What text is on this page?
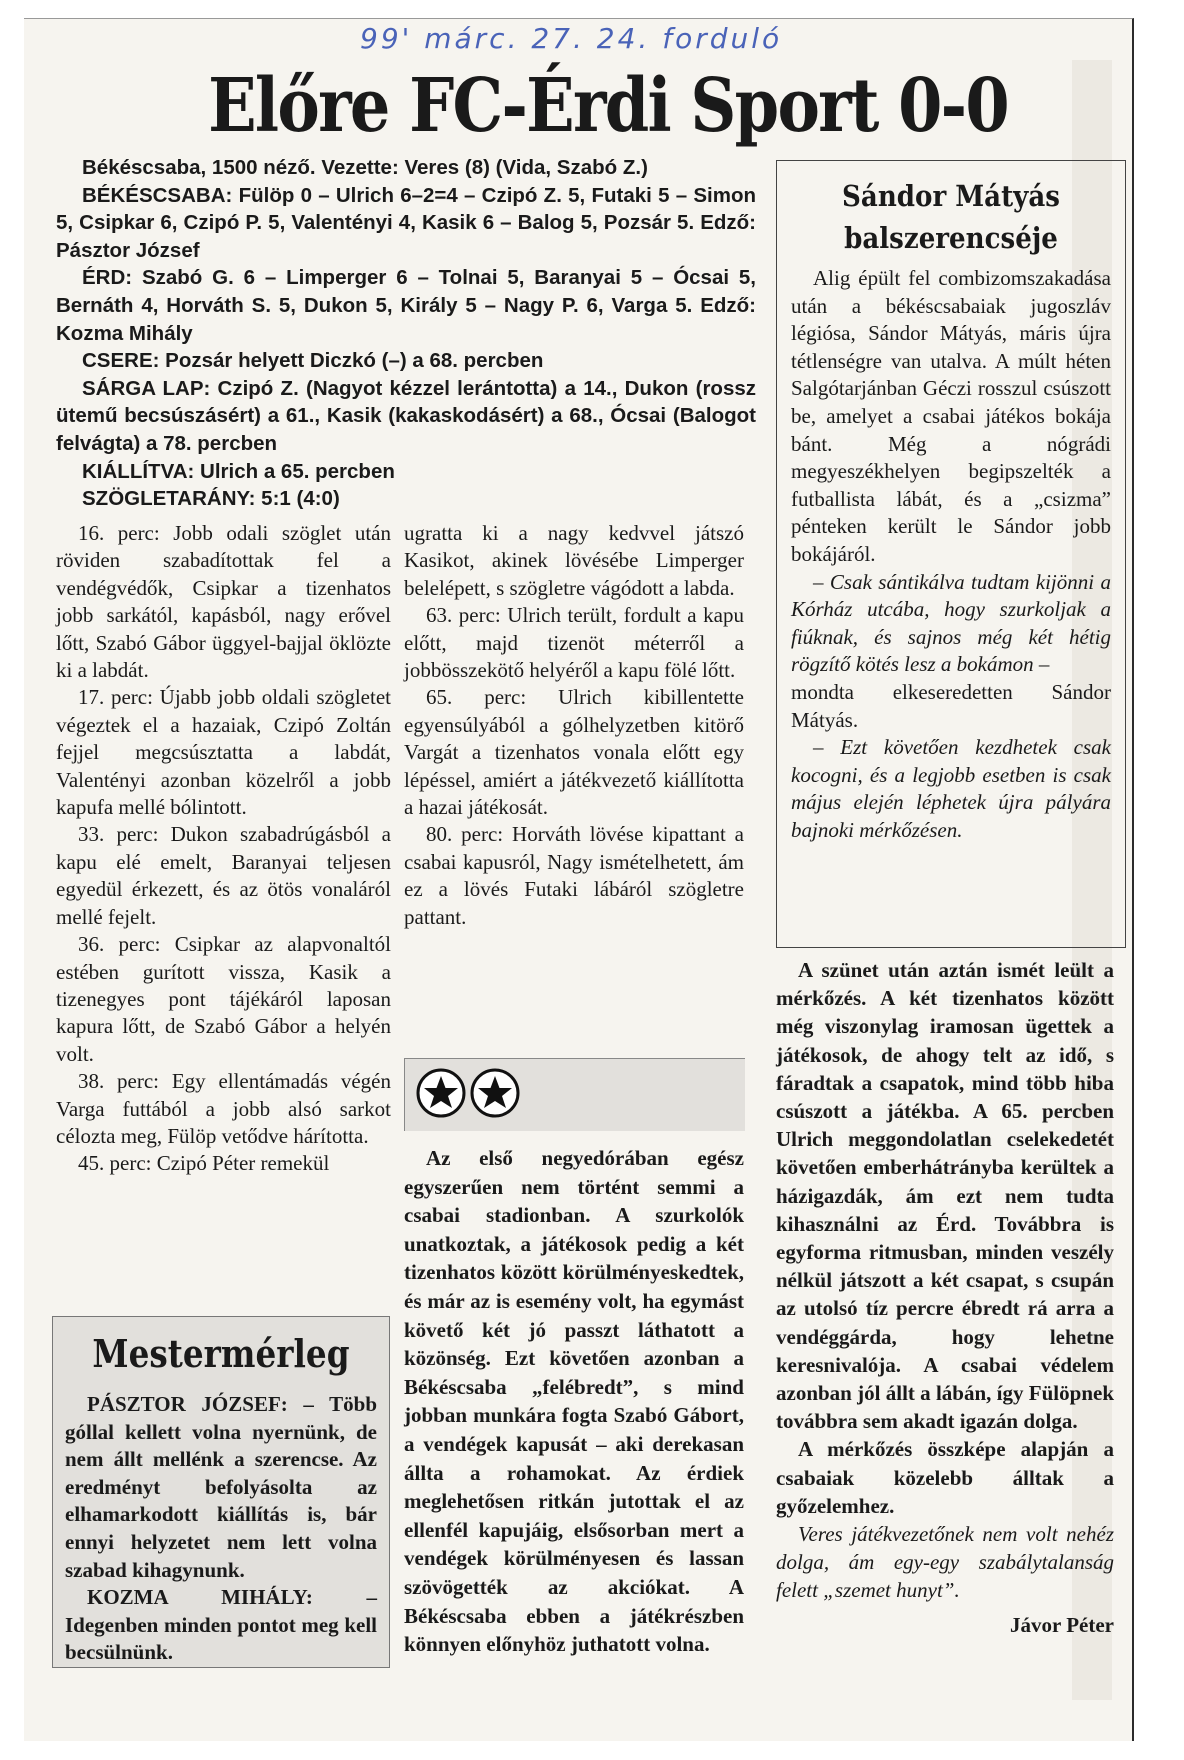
99' márc. 27. 24. forduló
Előre FC-Érdi Sport 0-0

Békéscsaba, 1500 néző. Vezette: Veres (8) (Vida, Szabó Z.)

BÉKÉSCSABA: Fülöp 0 – Ulrich 6–2=4 – Czipó Z. 5, Futaki 5 – Simon 5, Csipkar 6, Czipó P. 5, Valentényi 4, Kasik 6 – Balog 5, Pozsár 5. Edző: Pásztor József

ÉRD: Szabó G. 6 – Limperger 6 – Tolnai 5, Baranyai 5 – Ócsai 5, Bernáth 4, Horváth S. 5, Dukon 5, Király 5 – Nagy P. 6, Varga 5. Edző: Kozma Mihály

CSERE: Pozsár helyett Diczkó (–) a 68. percben

SÁRGA LAP: Czipó Z. (Nagyot kézzel lerántotta) a 14., Dukon (rossz ütemű becsúszásért) a 61., Kasik (kakaskodásért) a 68., Ócsai (Balogot felvágta) a 78. percben

KIÁLLÍTVA: Ulrich a 65. percben

SZÖGLETARÁNY: 5:1 (4:0)

16. perc: Jobb odali szöglet után röviden szabadítottak fel a vendégvédők, Csipkar a tizenhatos jobb sarkától, kapásból, nagy erővel lőtt, Szabó Gábor üggyel-bajjal öklözte ki a labdát.

17. perc: Újabb jobb oldali szögletet végeztek el a hazaiak, Czipó Zoltán fejjel megcsúsztatta a labdát, Valentényi azonban közelről a jobb kapufa mellé bólintott.

33. perc: Dukon szabadrúgásból a kapu elé emelt, Baranyai teljesen egyedül érkezett, és az ötös vonaláról mellé fejelt.

36. perc: Csipkar az alapvonaltól estében gurított vissza, Kasik a tizenegyes pont tájékáról laposan kapura lőtt, de Szabó Gábor a helyén volt.

38. perc: Egy ellentámadás végén Varga futtából a jobb alsó sarkot célozta meg, Fülöp vetődve hárította.

45. perc: Czipó Péter remekül

ugratta ki a nagy kedvvel játszó Kasikot, akinek lövésébe Limperger belelépett, s szögletre vágódott a labda.

63. perc: Ulrich terült, fordult a kapu előtt, majd tizenöt méterről a jobbösszekötő helyéről a kapu fölé lőtt.

65. perc: Ulrich kibillentette egyensúlyából a gólhelyzetben kitörő Vargát a tizenhatos vonala előtt egy lépéssel, amiért a játékvezető kiállította a hazai játékosát.

80. perc: Horváth lövése kipattant a csabai kapusról, Nagy ismételhetett, ám ez a lövés Futaki lábáról szögletre pattant.

Az első negyedórában egész egyszerűen nem történt semmi a csabai stadionban. A szurkolók unatkoztak, a játékosok pedig a két tizenhatos között körülményeskedtek, és már az is esemény volt, ha egymást követő két jó passzt láthatott a közönség. Ezt követően azonban a Békéscsaba „felébredt”, s mind jobban munkára fogta Szabó Gábort, a vendégek kapusát – aki derekasan állta a rohamokat. Az érdiek meglehetősen ritkán jutottak el az ellenfél kapujáig, elsősorban mert a vendégek körülményesen és lassan szövögették az akciókat. A Békéscsaba ebben a játékrészben könnyen előnyhöz juthatott volna.

Sándor Mátyás
balszerencséje

Alig épült fel combizomszakadása után a békéscsabaiak jugoszláv légiósa, Sándor Mátyás, máris újra tétlenségre van utalva. A múlt héten Salgótarjánban Géczi rosszul csúszott be, amelyet a csabai játékos bokája bánt. Még a nógrádi megyeszékhelyen begipszelték a futballista lábát, és a „csizma” pénteken került le Sándor jobb bokájáról.

– Csak sántikálva tudtam kijönni a Kórház utcába, hogy szurkoljak a fiúknak, és sajnos még két hétig rögzítő kötés lesz a bokámon –

mondta elkeseredetten Sándor Mátyás.

– Ezt követően kezdhetek csak kocogni, és a legjobb esetben is csak május elején léphetek újra pályára bajnoki mérkőzésen.

A szünet után aztán ismét leült a mérkőzés. A két tizenhatos között még viszonylag iramosan ügettek a játékosok, de ahogy telt az idő, s fáradtak a csapatok, mind több hiba csúszott a játékba. A 65. percben Ulrich meggondolatlan cselekedetét követően emberhátrányba kerültek a házigazdák, ám ezt nem tudta kihasználni az Érd. Továbbra is egyforma ritmusban, minden veszély nélkül játszott a két csapat, s csupán az utolsó tíz percre ébredt rá arra a vendéggárda, hogy lehetne keresnivalója. A csabai védelem azonban jól állt a lábán, így Fülöpnek továbbra sem akadt igazán dolga.

A mérkőzés összképe alapján a csabaiak közelebb álltak a győzelemhez.

Veres játékvezetőnek nem volt nehéz dolga, ám egy-egy szabálytalanság felett „szemet hunyt”.

Jávor Péter

Mestermérleg

PÁSZTOR JÓZSEF: – Több góllal kellett volna nyernünk, de nem állt mellénk a szerencse. Az eredményt befolyásolta az elhamarkodott kiállítás is, bár ennyi helyzetet nem lett volna szabad kihagynunk.

KOZMA MIHÁLY: – Idegenben minden pontot meg kell becsülnünk.
